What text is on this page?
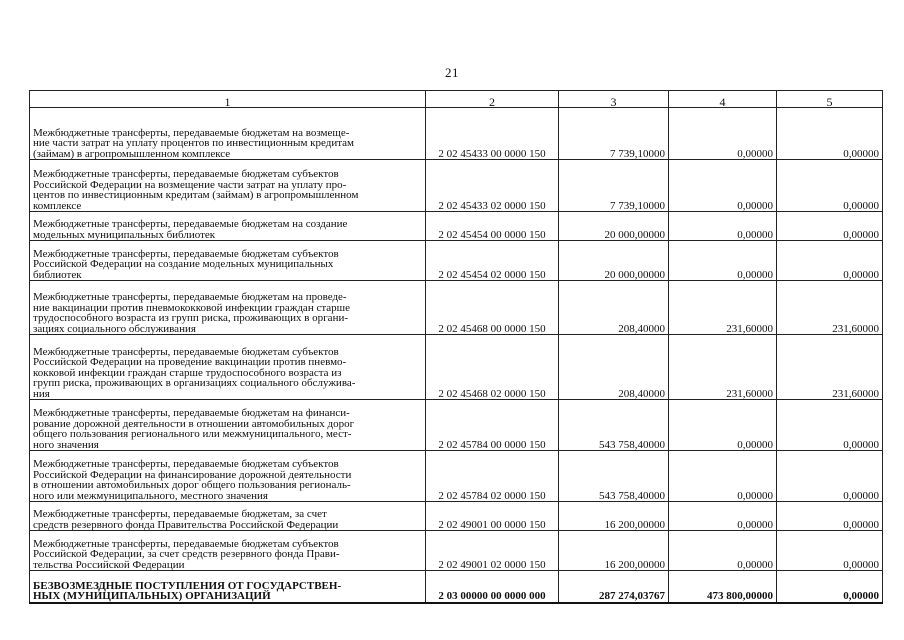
21
1	2	3	4	5
Межбюджетные трансферты, передаваемые бюджетам на возмеще-
ние части затрат на уплату процентов по инвестиционным кредитам
(займам) в агропромышленном комплексе	2 02 45433 00 0000 150	7 739,10000	0,00000	0,00000
Межбюджетные трансферты, передаваемые бюджетам субъектов
Российской Федерации на возмещение части затрат на уплату про-
центов по инвестиционным кредитам (займам) в агропромышленном
комплексе	2 02 45433 02 0000 150	7 739,10000	0,00000	0,00000
Межбюджетные трансферты, передаваемые бюджетам на создание
модельных муниципальных библиотек	2 02 45454 00 0000 150	20 000,00000	0,00000	0,00000
Межбюджетные трансферты, передаваемые бюджетам субъектов
Российской Федерации на создание модельных муниципальных
библиотек	2 02 45454 02 0000 150	20 000,00000	0,00000	0,00000
Межбюджетные трансферты, передаваемые бюджетам на проведе-
ние вакцинации против пневмококковой инфекции граждан старше
трудоспособного возраста из групп риска, проживающих в органи-
зациях социального обслуживания	2 02 45468 00 0000 150	208,40000	231,60000	231,60000
Межбюджетные трансферты, передаваемые бюджетам субъектов
Российской Федерации на проведение вакцинации против пневмо-
кокковой инфекции граждан старше трудоспособного возраста из
групп риска, проживающих в организациях социального обслужива-
ния	2 02 45468 02 0000 150	208,40000	231,60000	231,60000
Межбюджетные трансферты, передаваемые бюджетам на финанси-
рование дорожной деятельности в отношении автомобильных дорог
общего пользования регионального или межмуниципального, мест-
ного значения	2 02 45784 00 0000 150	543 758,40000	0,00000	0,00000
Межбюджетные трансферты, передаваемые бюджетам субъектов
Российской Федерации на финансирование дорожной деятельности
в отношении автомобильных дорог общего пользования региональ-
ного или межмуниципального, местного значения	2 02 45784 02 0000 150	543 758,40000	0,00000	0,00000
Межбюджетные трансферты, передаваемые бюджетам, за счет
средств резервного фонда Правительства Российской Федерации	2 02 49001 00 0000 150	16 200,00000	0,00000	0,00000
Межбюджетные трансферты, передаваемые бюджетам субъектов
Российской Федерации, за счет средств резервного фонда Прави-
тельства Российской Федерации	2 02 49001 02 0000 150	16 200,00000	0,00000	0,00000
БЕЗВОЗМЕЗДНЫЕ ПОСТУПЛЕНИЯ ОТ ГОСУДАРСТВЕН-
НЫХ (МУНИЦИПАЛЬНЫХ) ОРГАНИЗАЦИЙ	2 03 00000 00 0000 000	287 274,03767	473 800,00000	0,00000
